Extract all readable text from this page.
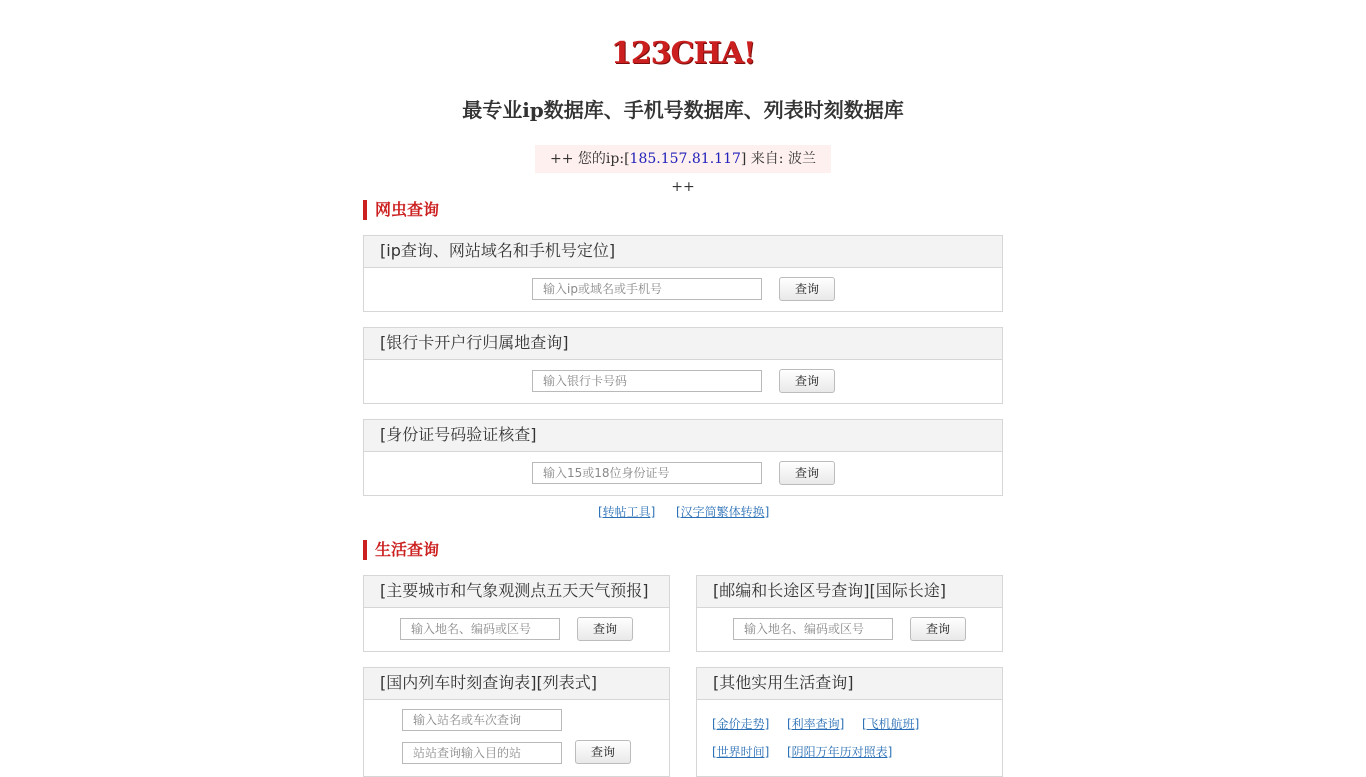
123CHA!
最专业ip数据库、手机号数据库、列表时刻数据库
++ 您的ip:[185.157.81.117] 来自: 波兰　++
网虫查询
[ip查询、网站域名和手机号定位]
输入ip或域名或手机号
查询
[银行卡开户行归属地查询]
输入银行卡号码
查询
[身份证号码验证核查]
输入15或18位身份证号
查询
[转帖工具] [汉字简繁体转换]
生活查询
[主要城市和气象观测点五天天气预报]
输入地名、编码或区号
查询
[邮编和长途区号查询][国际长途]
输入地名、编码或区号
查询
[国内列车时刻查询表][列表式]
输入站名或车次查询
站站查询输入目的站
查询
[其他实用生活查询]
[金价走势] [利率查询] [飞机航班]
[世界时间] [阴阳万年历对照表]
